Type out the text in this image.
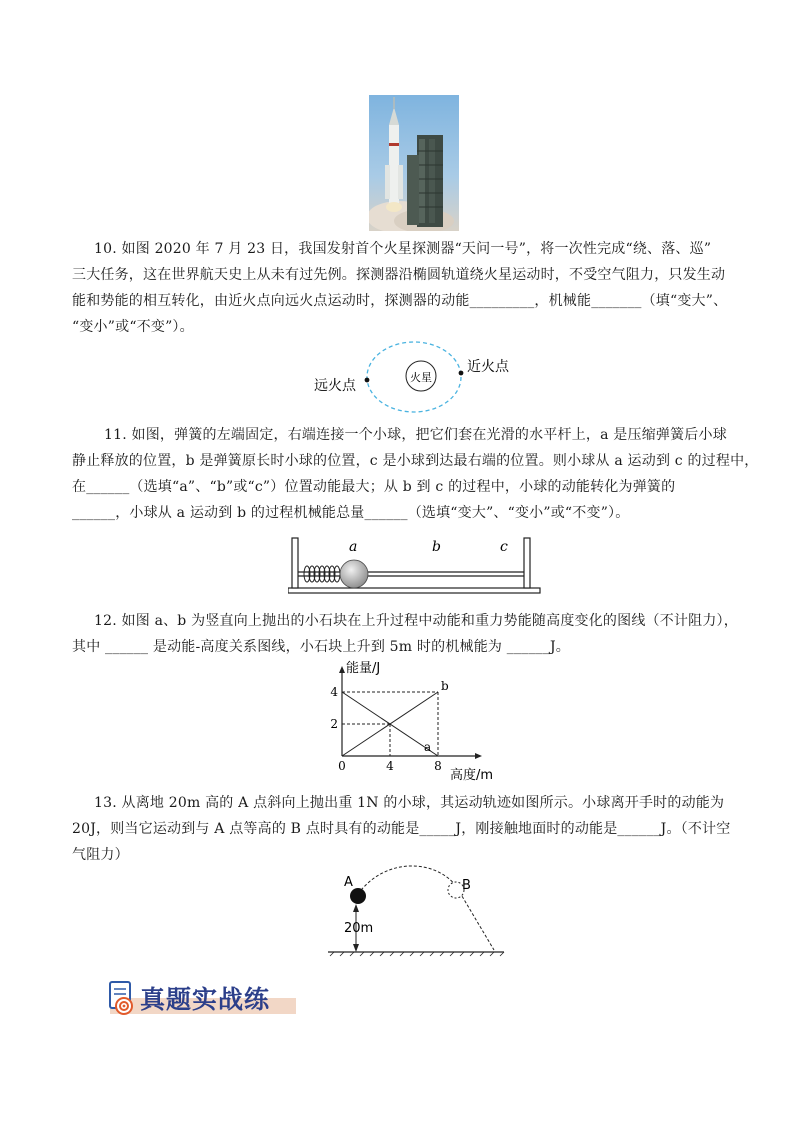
10. 如图 2020 年 7 月 23 日，我国发射首个火星探测器“天问一号”，将一次性完成“绕、落、巡”
三大任务，这在世界航天史上从未有过先例。探测器沿椭圆轨道绕火星运动时，不受空气阻力，只发生动
能和势能的相互转化，由近火点向远火点运动时，探测器的动能_________，机械能_______（填“变大”、
“变小”或“不变”）。
火星
近火点
远火点
11. 如图，弹簧的左端固定，右端连接一个小球，把它们套在光滑的水平杆上，a 是压缩弹簧后小球
静止释放的位置，b 是弹簧原长时小球的位置，c 是小球到达最右端的位置。则小球从 a 运动到 c 的过程中，
在______（选填“a”、“b”或“c”）位置动能最大；从 b 到 c 的过程中，小球的动能转化为弹簧的
______，小球从 a 运动到 b 的过程机械能总量______（选填“变大”、“变小”或“不变”）。
a	b	c
12. 如图 a、b 为竖直向上抛出的小石块在上升过程中动能和重力势能随高度变化的图线（不计阻力），
其中 ______ 是动能-高度关系图线，小石块上升到 5m 时的机械能为 ______J。
能量/J
高度/m
a
b
0	4	8
2
4
13. 从离地 20m 高的 A 点斜向上抛出重 1N 的小球，其运动轨迹如图所示。小球离开手时的动能为
20J，则当它运动到与 A 点等高的 B 点时具有的动能是_____J，刚接触地面时的动能是______J。（不计空
气阻力）
A	B
20m
真题实战练
